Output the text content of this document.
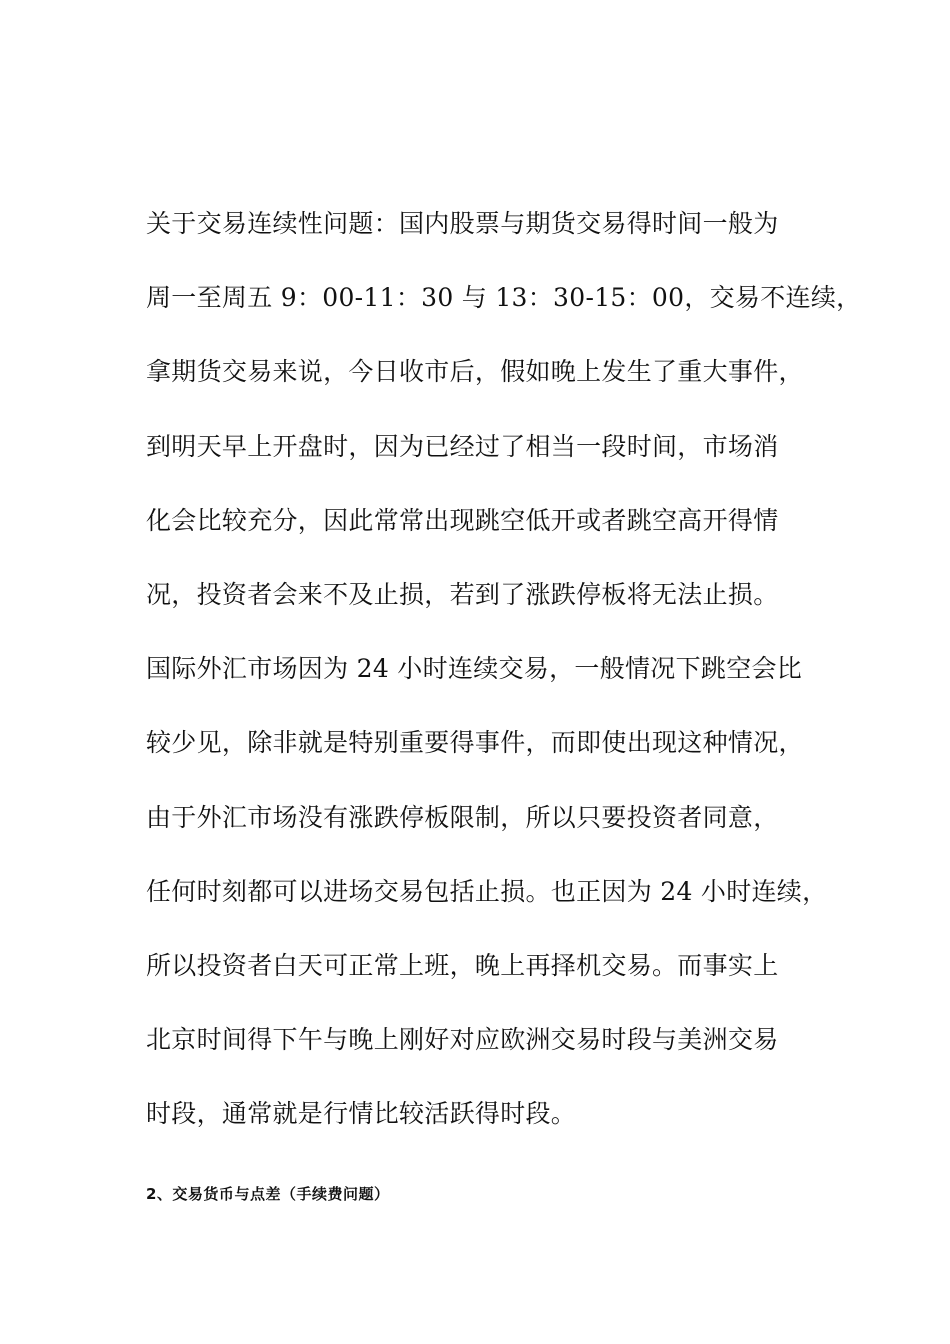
关于交易连续性问题：国内股票与期货交易得时间一般为
周一至周五 9：00-11：30 与 13：30-15：00，交易不连续，
拿期货交易来说，今日收市后，假如晚上发生了重大事件，
到明天早上开盘时，因为已经过了相当一段时间，市场消
化会比较充分，因此常常出现跳空低开或者跳空高开得情
况，投资者会来不及止损，若到了涨跌停板将无法止损。
国际外汇市场因为 24 小时连续交易，一般情况下跳空会比
较少见，除非就是特别重要得事件，而即使出现这种情况，
由于外汇市场没有涨跌停板限制，所以只要投资者同意，
任何时刻都可以进场交易包括止损。也正因为 24 小时连续，
所以投资者白天可正常上班，晚上再择机交易。而事实上
北京时间得下午与晚上刚好对应欧洲交易时段与美洲交易
时段，通常就是行情比较活跃得时段。
2、交易货币与点差（手续费问题）
